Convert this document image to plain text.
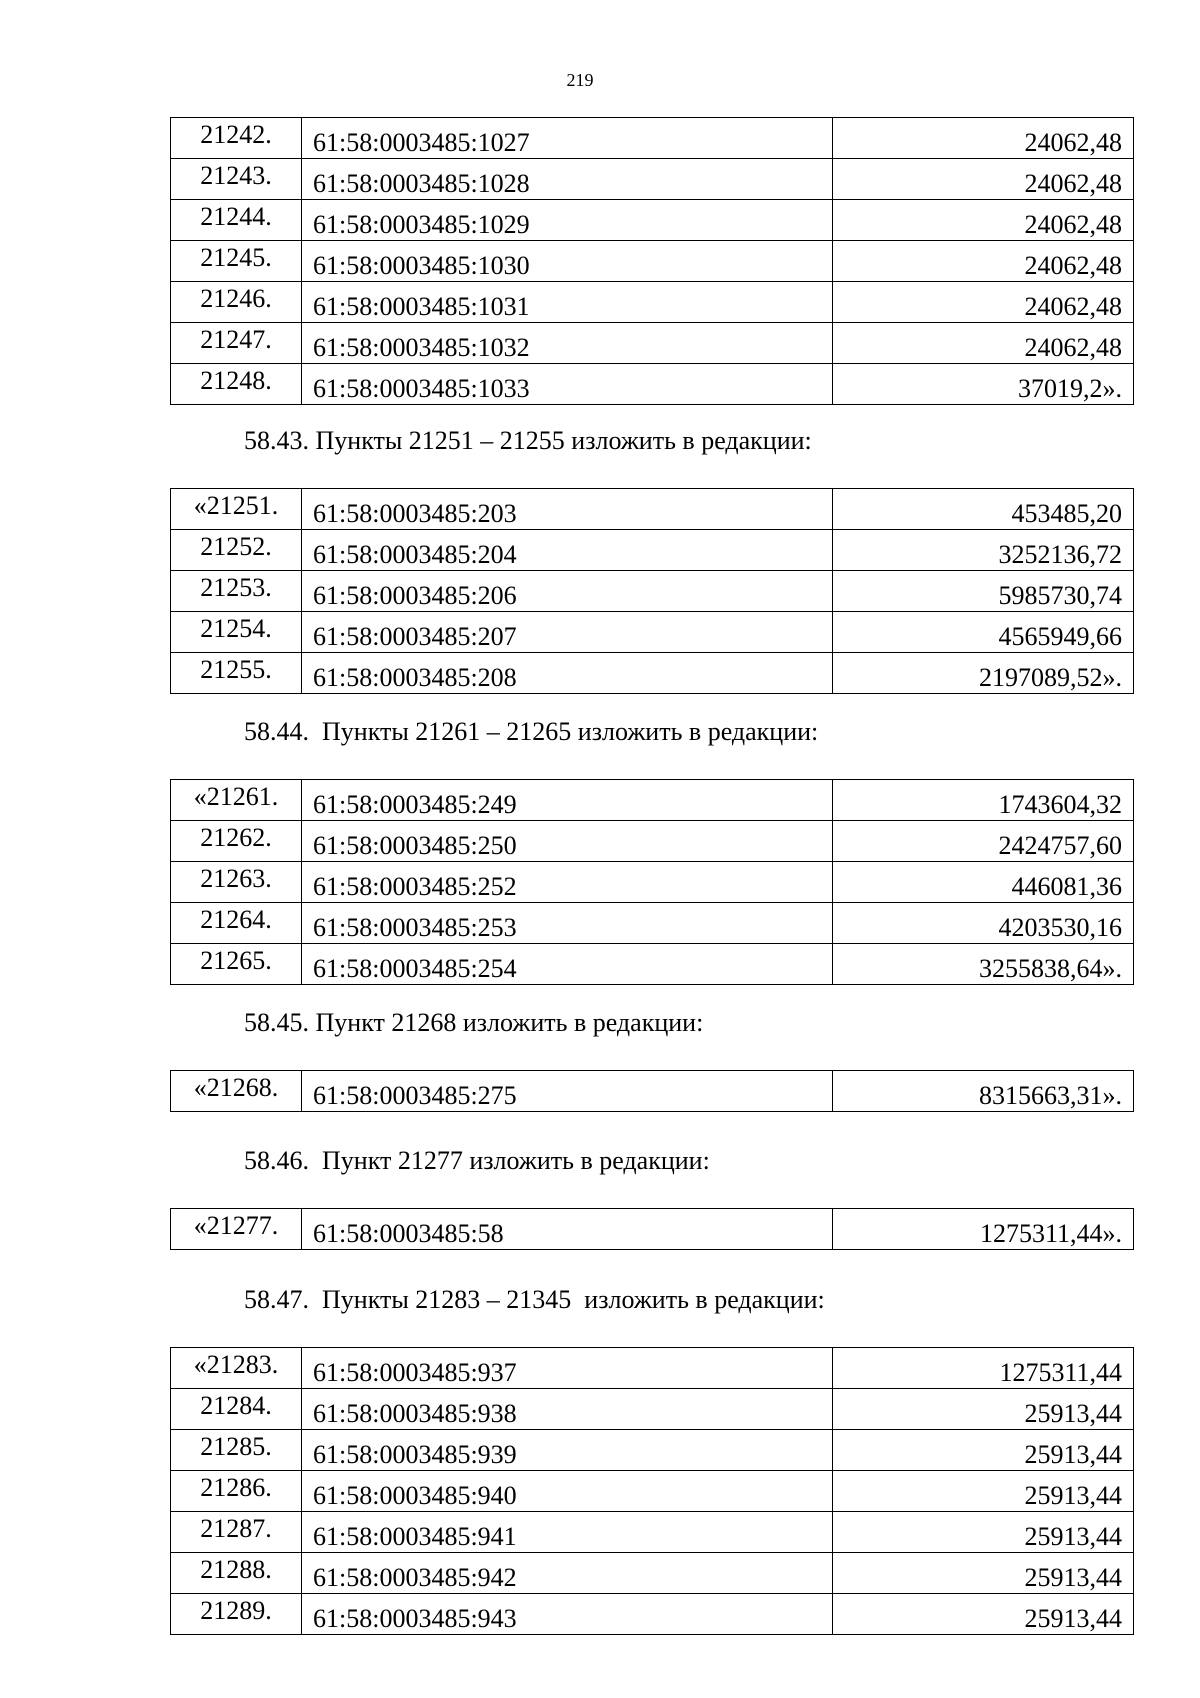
219
21242.	61:58:0003485:1027	24062,48
21243.	61:58:0003485:1028	24062,48
21244.	61:58:0003485:1029	24062,48
21245.	61:58:0003485:1030	24062,48
21246.	61:58:0003485:1031	24062,48
21247.	61:58:0003485:1032	24062,48
21248.	61:58:0003485:1033	37019,2».
58.43. Пункты 21251 – 21255 изложить в редакции:
«21251.	61:58:0003485:203	453485,20
21252.	61:58:0003485:204	3252136,72
21253.	61:58:0003485:206	5985730,74
21254.	61:58:0003485:207	4565949,66
21255.	61:58:0003485:208	2197089,52».
58.44.  Пункты 21261 – 21265 изложить в редакции:
«21261.	61:58:0003485:249	1743604,32
21262.	61:58:0003485:250	2424757,60
21263.	61:58:0003485:252	446081,36
21264.	61:58:0003485:253	4203530,16
21265.	61:58:0003485:254	3255838,64».
58.45. Пункт 21268 изложить в редакции:
«21268.	61:58:0003485:275	8315663,31».
58.46.  Пункт 21277 изложить в редакции:
«21277.	61:58:0003485:58	1275311,44».
58.47.  Пункты 21283 – 21345  изложить в редакции:
«21283.	61:58:0003485:937	1275311,44
21284.	61:58:0003485:938	25913,44
21285.	61:58:0003485:939	25913,44
21286.	61:58:0003485:940	25913,44
21287.	61:58:0003485:941	25913,44
21288.	61:58:0003485:942	25913,44
21289.	61:58:0003485:943	25913,44
